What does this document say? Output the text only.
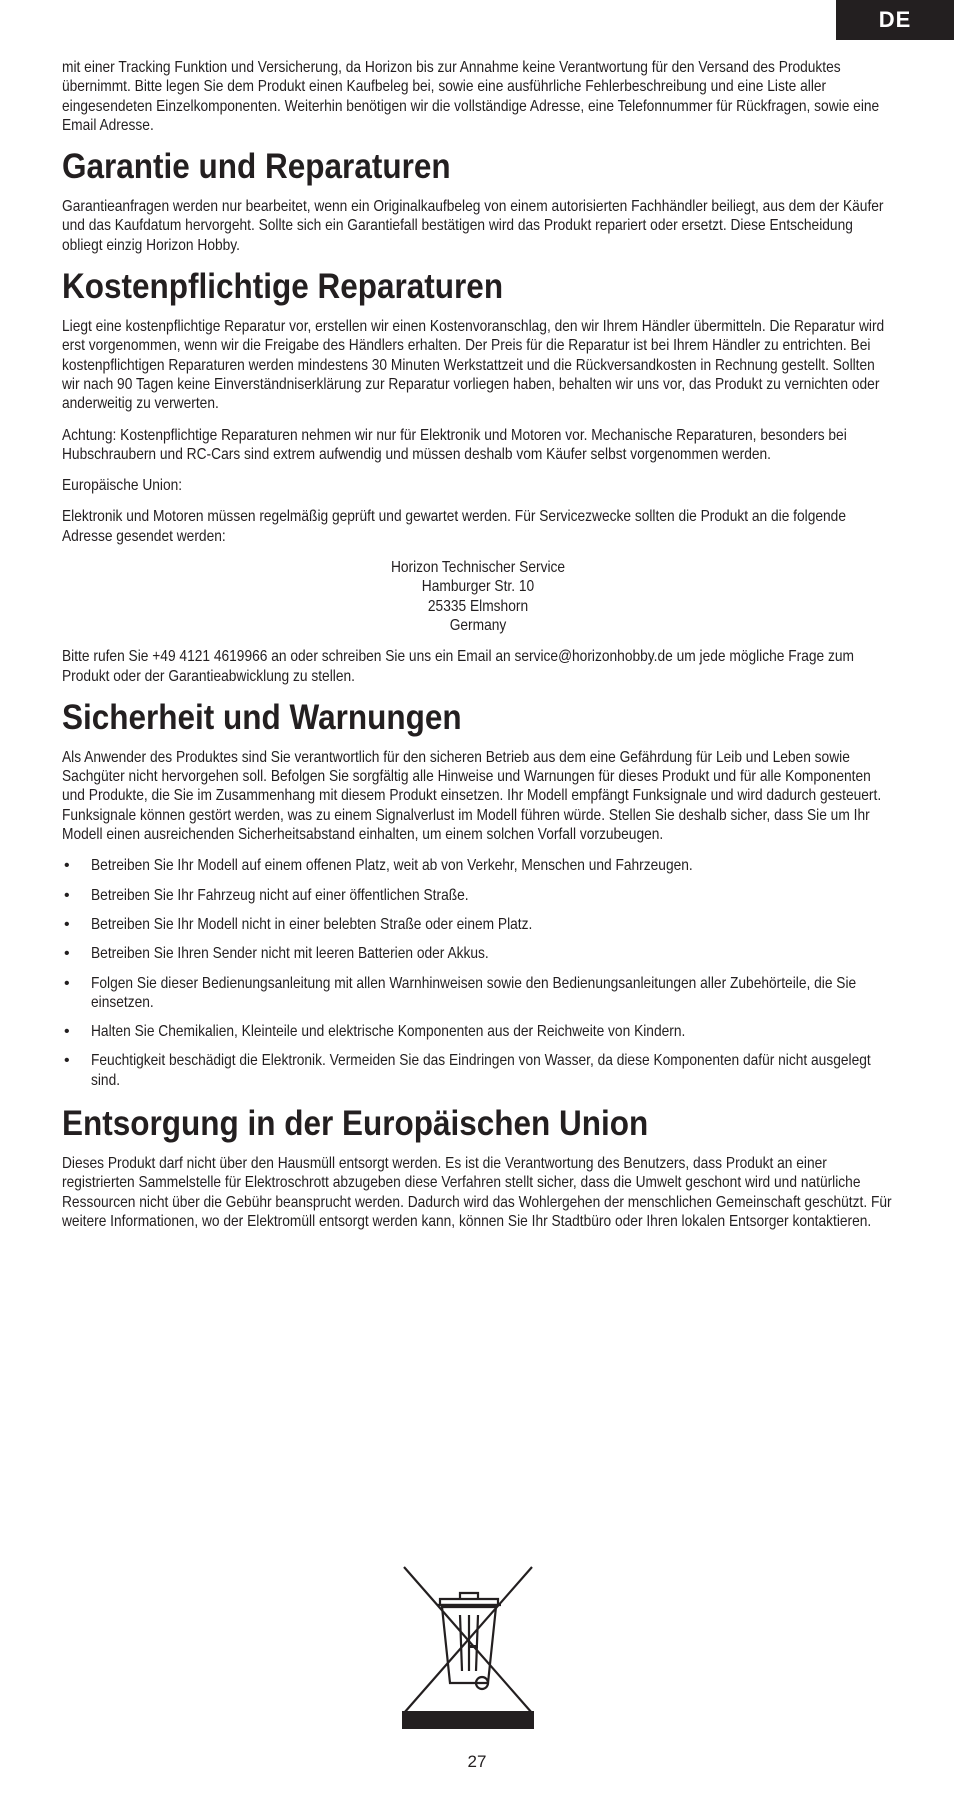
DE

mit einer Tracking Funktion und Versicherung, da Horizon bis zur Annahme keine Verantwortung für den Versand des Produktes übernimmt. Bitte legen Sie dem Produkt einen Kaufbeleg bei, sowie eine ausführliche Fehlerbeschreibung und eine Liste aller eingesendeten Einzelkomponenten. Weiterhin benötigen wir die vollständige Adresse, eine Telefonnummer für Rückfragen, sowie eine Email Adresse.

Garantie und Reparaturen

Garantieanfragen werden nur bearbeitet, wenn ein Originalkaufbeleg von einem autorisierten Fachhändler beiliegt, aus dem der Käufer und das Kaufdatum hervorgeht. Sollte sich ein Garantiefall bestätigen wird das Produkt repariert oder ersetzt. Diese Entscheidung obliegt einzig Horizon Hobby.

Kostenpflichtige Reparaturen

Liegt eine kostenpflichtige Reparatur vor, erstellen wir einen Kostenvoranschlag, den wir Ihrem Händler übermitteln. Die Reparatur wird erst vorgenommen, wenn wir die Freigabe des Händlers erhalten. Der Preis für die Reparatur ist bei Ihrem Händler zu entrichten. Bei kostenpflichtigen Reparaturen werden mindestens 30 Minuten Werkstattzeit und die Rückversandkosten in Rechnung gestellt. Sollten wir nach 90 Tagen keine Einverständniserklärung zur Reparatur vorliegen haben, behalten wir uns vor, das Produkt zu vernichten oder anderweitig zu verwerten.

Achtung: Kostenpflichtige Reparaturen nehmen wir nur für Elektronik und Motoren vor. Mechanische Reparaturen, besonders bei Hubschraubern und RC-Cars sind extrem aufwendig und müssen deshalb vom Käufer selbst vorgenommen werden.

Europäische Union:

Elektronik und Motoren müssen regelmäßig geprüft und gewartet werden. Für Servicezwecke sollten die Produkt an die folgende Adresse gesendet werden:

Horizon Technischer Service
Hamburger Str. 10
25335 Elmshorn
Germany

Bitte rufen Sie +49 4121 4619966 an oder schreiben Sie uns ein Email an service@horizonhobby.de um jede mögliche Frage zum Produkt oder der Garantieabwicklung zu stellen.

Sicherheit und Warnungen

Als Anwender des Produktes sind Sie verantwortlich für den sicheren Betrieb aus dem eine Gefährdung für Leib und Leben sowie Sachgüter nicht hervorgehen soll. Befolgen Sie sorgfältig alle Hinweise und Warnungen für dieses Produkt und für alle Komponenten und Produkte, die Sie im Zusammenhang mit diesem Produkt einsetzen. Ihr Modell empfängt Funksignale und wird dadurch gesteuert. Funksignale können gestört werden, was zu einem Signalverlust im Modell führen würde. Stellen Sie deshalb sicher, dass Sie um Ihr Modell einen ausreichenden Sicherheitsabstand einhalten, um einem solchen Vorfall vorzubeugen.

• Betreiben Sie Ihr Modell auf einem offenen Platz, weit ab von Verkehr, Menschen und Fahrzeugen.
• Betreiben Sie Ihr Fahrzeug nicht auf einer öffentlichen Straße.
• Betreiben Sie Ihr Modell nicht in einer belebten Straße oder einem Platz.
• Betreiben Sie Ihren Sender nicht mit leeren Batterien oder Akkus.
• Folgen Sie dieser Bedienungsanleitung mit allen Warnhinweisen sowie den Bedienungsanleitungen aller Zubehörteile, die Sie einsetzen.
• Halten Sie Chemikalien, Kleinteile und elektrische Komponenten aus der Reichweite von Kindern.
• Feuchtigkeit beschädigt die Elektronik. Vermeiden Sie das Eindringen von Wasser, da diese Komponenten dafür nicht ausgelegt sind.
Entsorgung in der Europäischen Union

Dieses Produkt darf nicht über den Hausmüll entsorgt werden. Es ist die Verantwortung des Benutzers, dass Produkt an einer registrierten Sammelstelle für Elektroschrott abzugeben diese Verfahren stellt sicher, dass die Umwelt geschont wird und natürliche Ressourcen nicht über die Gebühr beansprucht werden. Dadurch wird das Wohlergehen der menschlichen Gemeinschaft geschützt. Für weitere Informationen, wo der Elektromüll entsorgt werden kann, können Sie Ihr Stadtbüro oder Ihren lokalen Entsorger kontaktieren.

27
